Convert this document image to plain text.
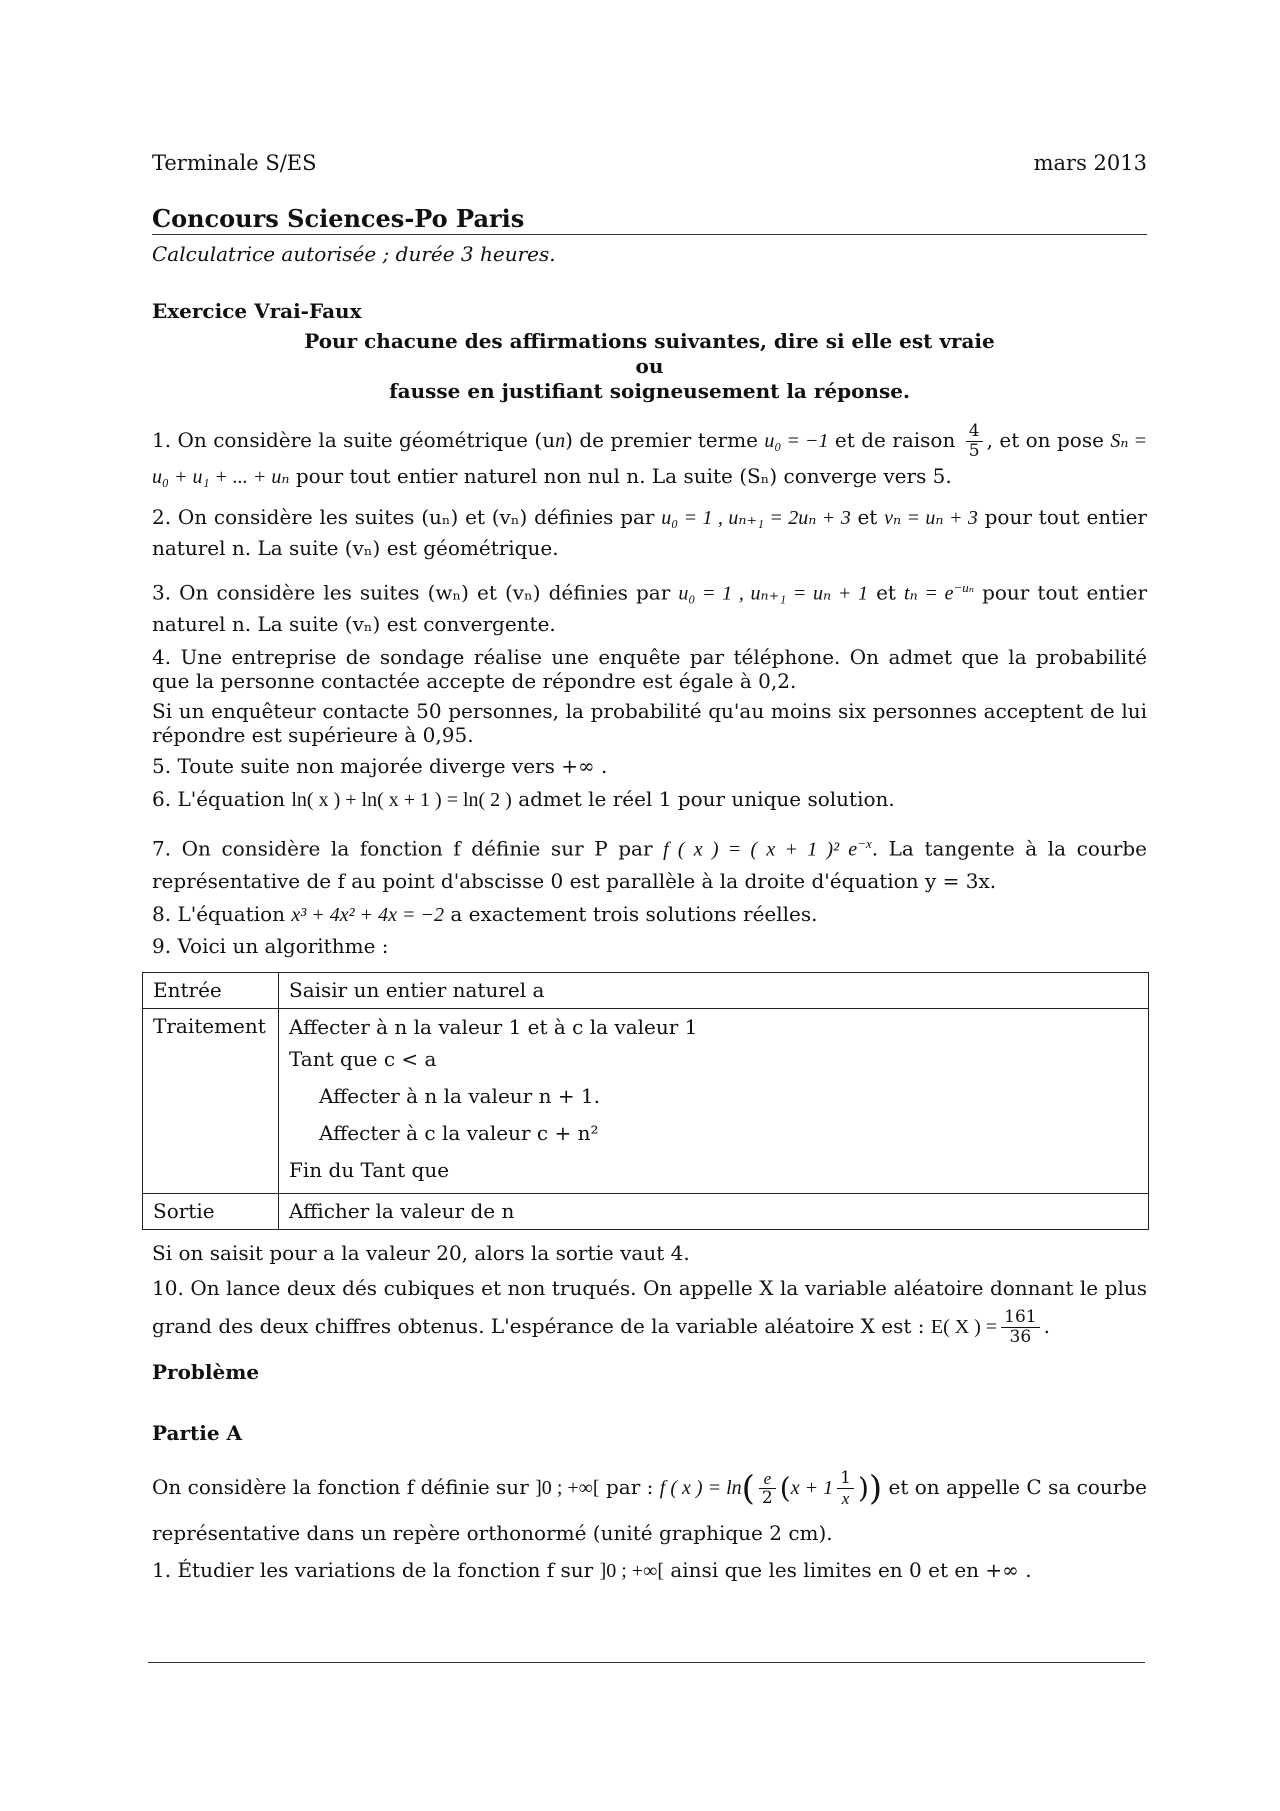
Terminale S/ES	mars 2013
Concours Sciences-Po Paris
Calculatrice autorisée ; durée 3 heures.
Exercice Vrai-Faux
Pour chacune des affirmations suivantes, dire si elle est vraie ou
fausse en justifiant soigneusement la réponse.
1. On considère la suite géométrique (un) de premier terme u₀ = −1 et de raison $\frac{4}{5}$ , et on pose Sₙ = u₀ + u₁ + ... + uₙ pour tout entier naturel non nul n. La suite (Sₙ) converge vers 5.
2. On considère les suites (uₙ) et (vₙ) définies par u₀ = 1 , uₙ₊₁ = 2uₙ + 3 et vₙ = uₙ + 3 pour tout entier naturel n. La suite (vₙ) est géométrique.
3. On considère les suites (wₙ) et (vₙ) définies par u₀ = 1 , uₙ₊₁ = uₙ + 1 et $t_n = e^{-u_n}$ pour tout entier naturel n. La suite (vₙ) est convergente.

4. Une entreprise de sondage réalise une enquête par téléphone. On admet que la probabilité que la personne contactée accepte de répondre est égale à 0,2.

Si un enquêteur contacte 50 personnes, la probabilité qu'au moins six personnes acceptent de lui répondre est supérieure à 0,95.

5. Toute suite non majorée diverge vers +∞ .
6. L'équation ln( x ) + ln( x + 1 ) = ln( 2 ) admet le réel 1 pour unique solution.
7. On considère la fonction f définie sur P par f ( x ) = ( x + 1 )² $e^{-x}$. La tangente à la courbe représentative de f au point d'abscisse 0 est parallèle à la droite d'équation y = 3x.
8. L'équation x³ + 4x² + 4x = −2 a exactement trois solutions réelles.
9. Voici un algorithme :
Entrée	Saisir un entier naturel a

Traitement	Affecter à n la valeur 1 et à c la valeur 1
Tant que c < a
Affecter à n la valeur n + 1.
Affecter à c la valeur c + n²
Fin du Tant que

Sortie	Afficher la valeur de n
Si on saisit pour a la valeur 20, alors la sortie vaut 4.
10. On lance deux dés cubiques et non truqués. On appelle X la variable aléatoire donnant le plus grand des deux chiffres obtenus. L'espérance de la variable aléatoire X est : E( X ) = $\frac{161}{36}$ .
Problème
Partie A
On considère la fonction f définie sur ]0 ; +∞[ par : f ( x ) = $\ln( \frac{e}{2} (x + 1 \frac{1}{x}$ )) et on appelle C sa courbe représentative dans un repère orthonormé (unité graphique 2 cm).
1. Étudier les variations de la fonction f sur ]0 ; +∞[ ainsi que les limites en 0 et en +∞ .
